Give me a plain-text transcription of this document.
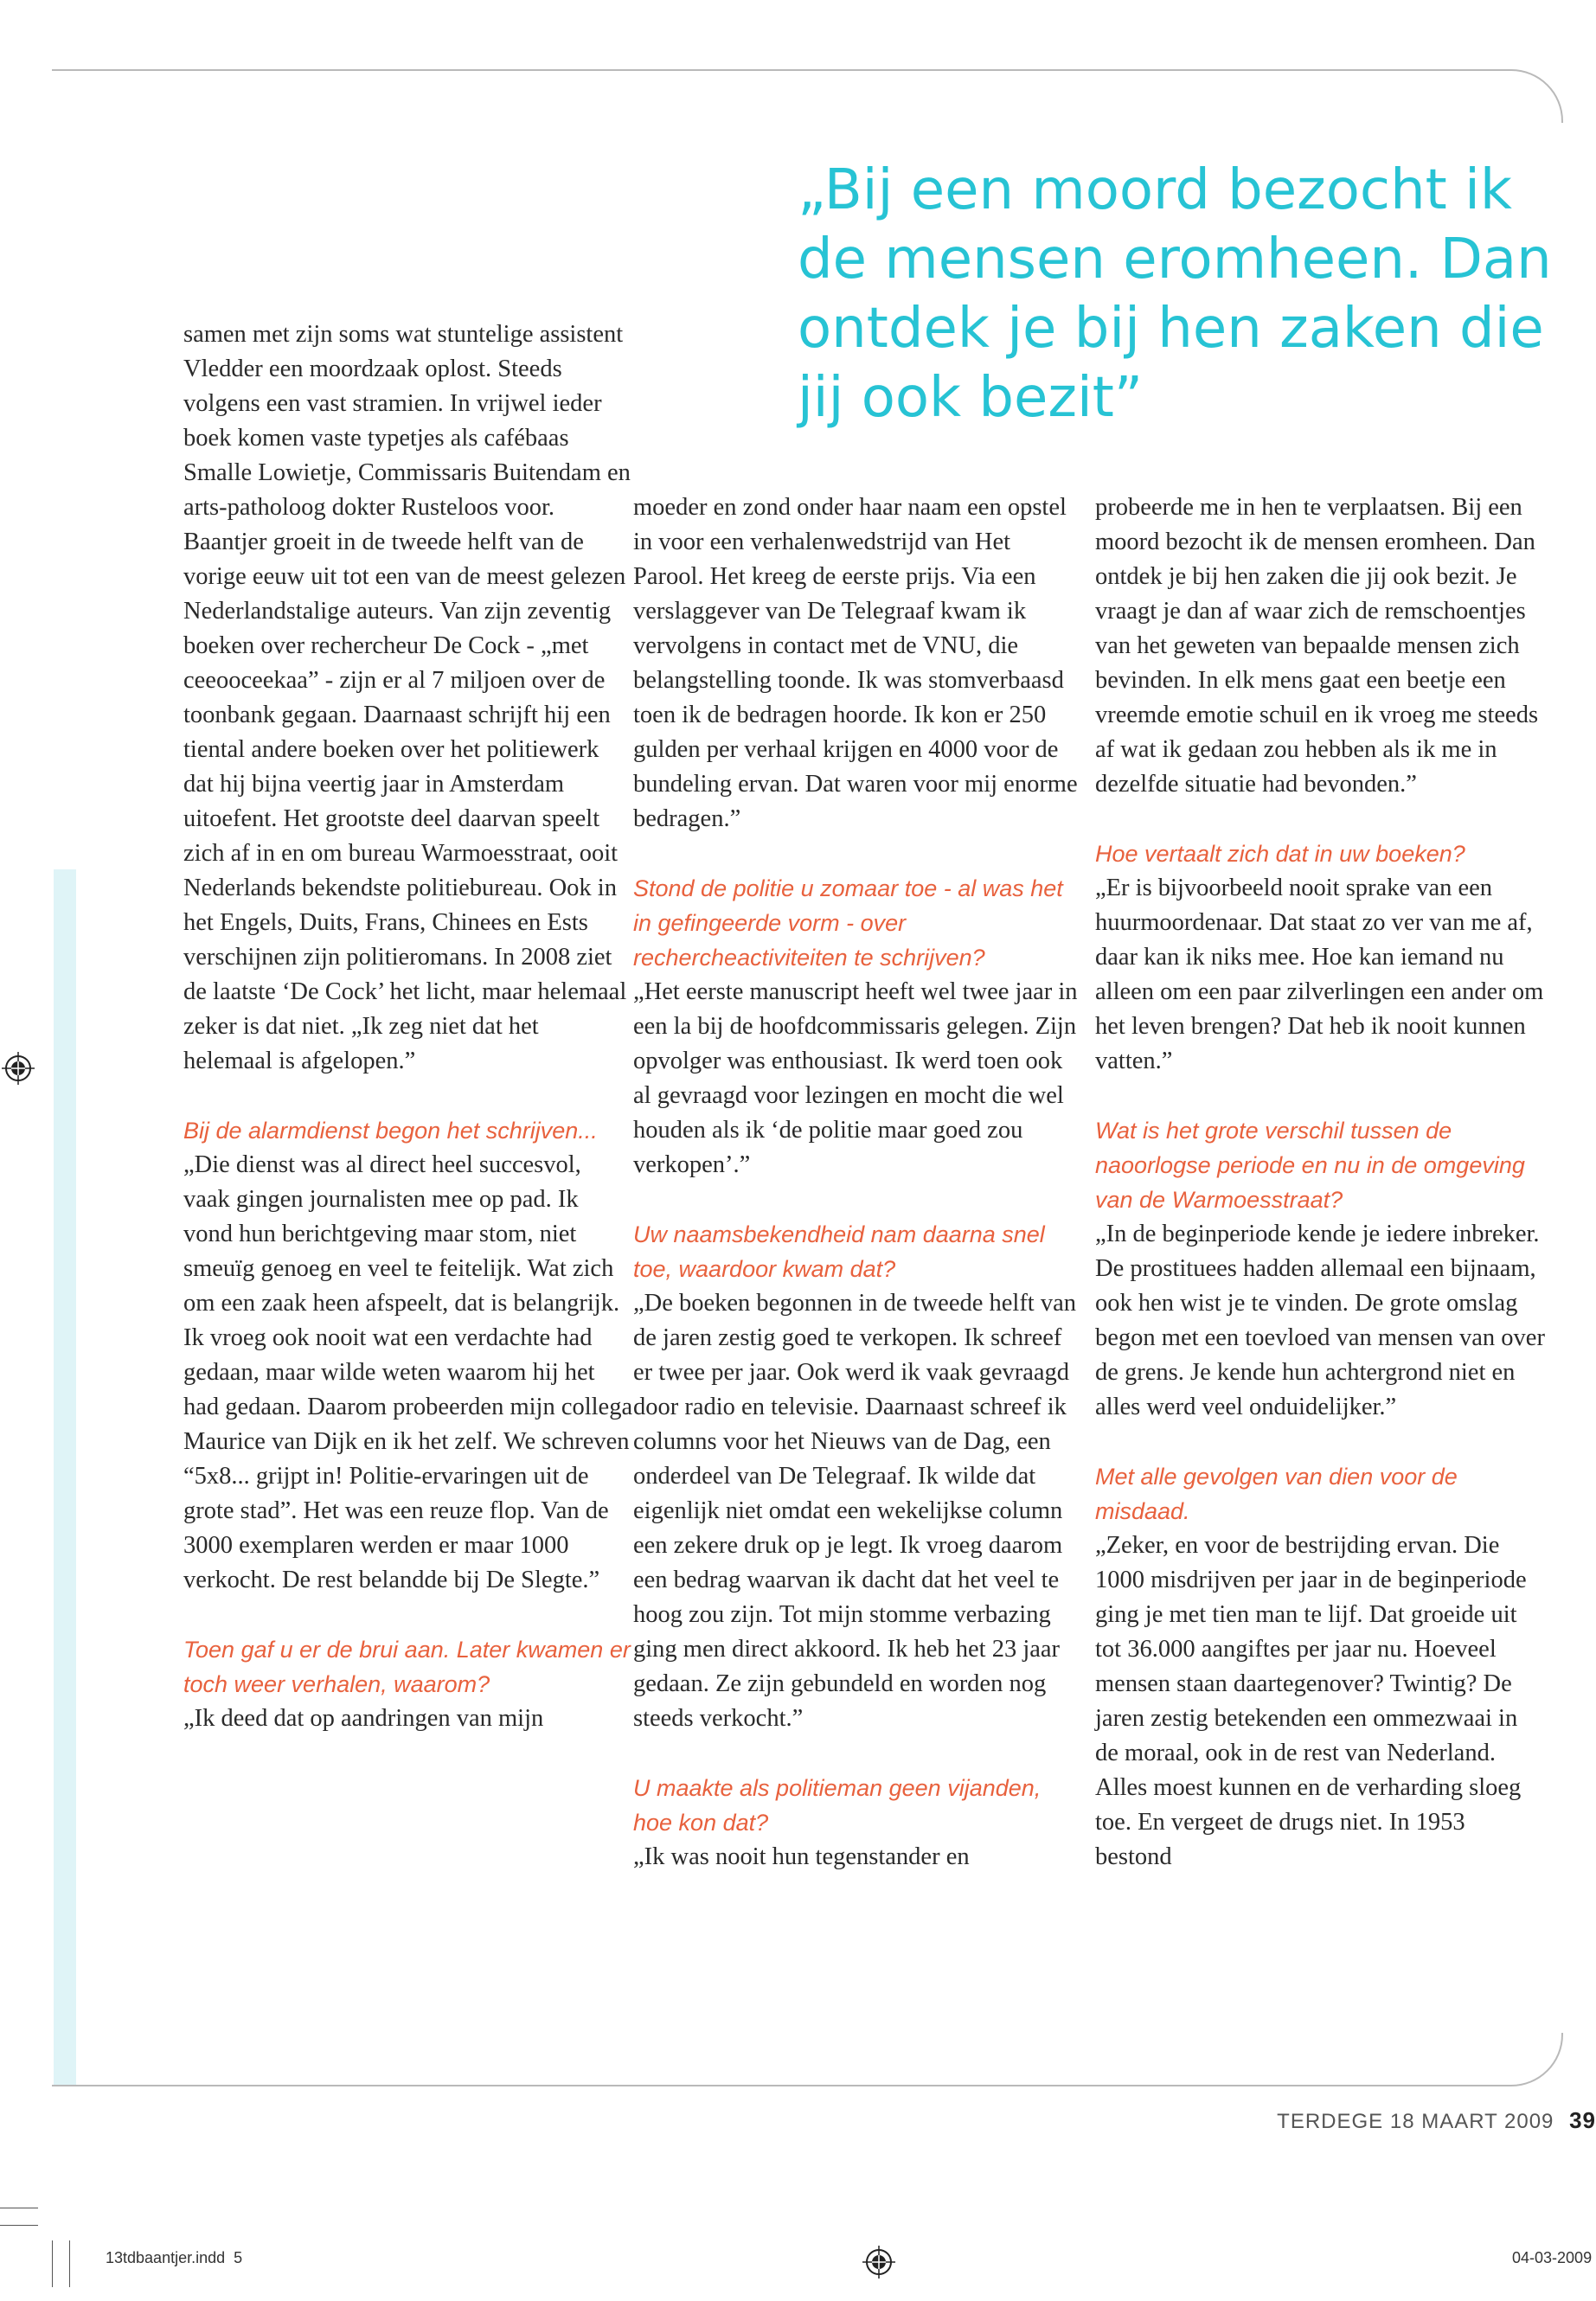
„Bij een moord bezocht ik de mensen eromheen. Dan ontdek je bij hen zaken die jij ook bezit”

samen met zijn soms wat stuntelige assistent Vledder een moordzaak oplost. Steeds volgens een vast stramien. In vrijwel ieder boek komen vaste typetjes als cafébaas Smalle Lowietje, Commissaris Buitendam en arts-patholoog dokter Rusteloos voor.

Baantjer groeit in de tweede helft van de vorige eeuw uit tot een van de meest gelezen Nederlandstalige auteurs. Van zijn zeventig boeken over rechercheur De Cock - „met ceeooceekaa” - zijn er al 7 miljoen over de toonbank gegaan. Daarnaast schrijft hij een tiental andere boeken over het politiewerk dat hij bijna veertig jaar in Amsterdam uitoefent. Het grootste deel daarvan speelt zich af in en om bureau Warmoesstraat, ooit Nederlands bekendste politiebureau. Ook in het Engels, Duits, Frans, Chinees en Ests verschijnen zijn politieromans. In 2008 ziet de laatste ‘De Cock’ het licht, maar helemaal zeker is dat niet. „Ik zeg niet dat het helemaal is afgelopen.”

Bij de alarmdienst begon het schrijven...

„Die dienst was al direct heel succesvol, vaak gingen journalisten mee op pad. Ik vond hun berichtgeving maar stom, niet smeuïg genoeg en veel te feitelijk. Wat zich om een zaak heen afspeelt, dat is belangrijk. Ik vroeg ook nooit wat een verdachte had gedaan, maar wilde weten waarom hij het had gedaan. Daarom probeerden mijn collega Maurice van Dijk en ik het zelf. We schreven “5x8... grijpt in! Politie-ervaringen uit de grote stad”. Het was een reuze flop. Van de 3000 exemplaren werden er maar 1000 verkocht. De rest belandde bij De Slegte.”

Toen gaf u er de brui aan. Later kwamen er toch weer verhalen, waarom?

„Ik deed dat op aandringen van mijn

moeder en zond onder haar naam een opstel in voor een verhalenwedstrijd van Het Parool. Het kreeg de eerste prijs. Via een verslaggever van De Telegraaf kwam ik vervolgens in contact met de VNU, die belangstelling toonde. Ik was stomverbaasd toen ik de bedragen hoorde. Ik kon er 250 gulden per verhaal krijgen en 4000 voor de bundeling ervan. Dat waren voor mij enorme bedragen.”

Stond de politie u zomaar toe - al was het in gefingeerde vorm - over rechercheactiviteiten te schrijven?

„Het eerste manuscript heeft wel twee jaar in een la bij de hoofdcommissaris gelegen. Zijn opvolger was enthousiast. Ik werd toen ook al gevraagd voor lezingen en mocht die wel houden als ik ‘de politie maar goed zou verkopen’.”

Uw naamsbekendheid nam daarna snel toe, waardoor kwam dat?

„De boeken begonnen in de tweede helft van de jaren zestig goed te verkopen. Ik schreef er twee per jaar. Ook werd ik vaak gevraagd door radio en televisie. Daarnaast schreef ik columns voor het Nieuws van de Dag, een onderdeel van De Telegraaf. Ik wilde dat eigenlijk niet omdat een wekelijkse column een zekere druk op je legt. Ik vroeg daarom een bedrag waarvan ik dacht dat het veel te hoog zou zijn. Tot mijn stomme verbazing ging men direct akkoord. Ik heb het 23 jaar gedaan. Ze zijn gebundeld en worden nog steeds verkocht.”

U maakte als politieman geen vijanden, hoe kon dat?

„Ik was nooit hun tegenstander en

probeerde me in hen te verplaatsen. Bij een moord bezocht ik de mensen eromheen. Dan ontdek je bij hen zaken die jij ook bezit. Je vraagt je dan af waar zich de remschoentjes van het geweten van bepaalde mensen zich bevinden. In elk mens gaat een beetje een vreemde emotie schuil en ik vroeg me steeds af wat ik gedaan zou hebben als ik me in dezelfde situatie had bevonden.”

Hoe vertaalt zich dat in uw boeken?

„Er is bijvoorbeeld nooit sprake van een huurmoordenaar. Dat staat zo ver van me af, daar kan ik niks mee. Hoe kan iemand nu alleen om een paar zilverlingen een ander om het leven brengen? Dat heb ik nooit kunnen vatten.”

Wat is het grote verschil tussen de naoorlogse periode en nu in de omgeving van de Warmoesstraat?

„In de beginperiode kende je iedere inbreker. De prostituees hadden allemaal een bijnaam, ook hen wist je te vinden. De grote omslag begon met een toevloed van mensen van over de grens. Je kende hun achtergrond niet en alles werd veel onduidelijker.”

Met alle gevolgen van dien voor de misdaad.

„Zeker, en voor de bestrijding ervan. Die 1000 misdrijven per jaar in de beginperiode ging je met tien man te lijf. Dat groeide uit tot 36.000 aangiftes per jaar nu. Hoeveel mensen staan daartegenover? Twintig? De jaren zestig betekenden een ommezwaai in de moraal, ook in de rest van Nederland. Alles moest kunnen en de verharding sloeg toe. En vergeet de drugs niet. In 1953 bestond

TERDEGE 18 MAART 2009 39
13tdbaantjer.indd 5	04-03-2009
